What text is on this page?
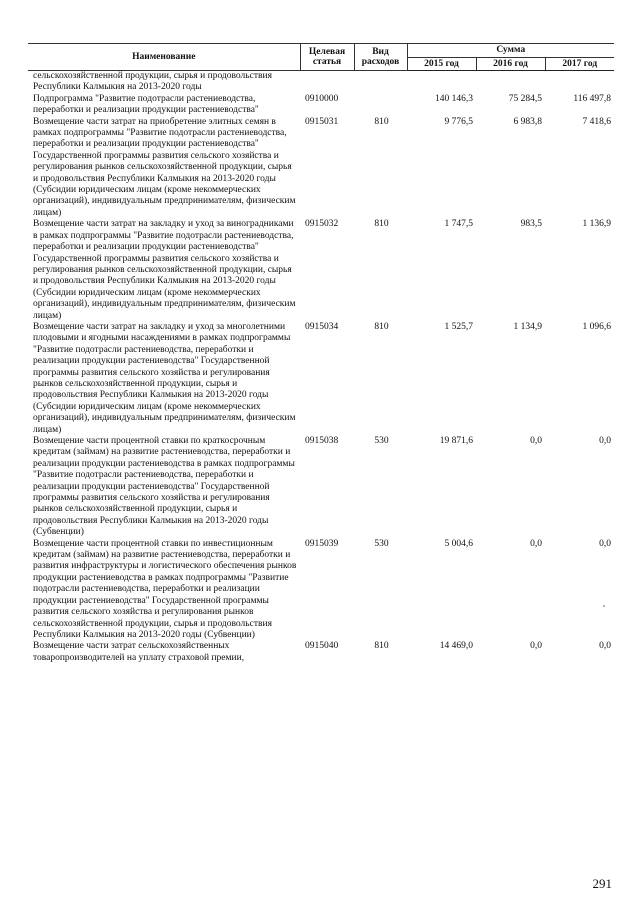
Наименование	Целевая статья	Вид расходов	Сумма		
			2015 год	2016 год	2017 год
сельскохозяйственной продукции, сырья и продовольствия Республики Калмыкия на 2013-2020 годы					
Подпрограмма "Развитие подотрасли растениеводства, переработки и реализации продукции растениеводства"	0910000		140 146,3	75 284,5	116 497,8
Возмещение части затрат на приобретение элитных семян в рамках подпрограммы "Развитие подотрасли растениеводства, переработки и реализации продукции растениеводства" Государственной программы развития сельского хозяйства и регулирования рынков сельскохозяйственной продукции, сырья и продовольствия Республики Калмыкия на 2013-2020 годы (Субсидии юридическим лицам (кроме некоммерческих организаций), индивидуальным предпринимателям, физическим лицам)	0915031	810	9 776,5	6 983,8	7 418,6
Возмещение части затрат на закладку и уход за виноградниками в рамках подпрограммы "Развитие подотрасли растениеводства, переработки и реализации продукции растениеводства" Государственной программы развития сельского хозяйства и регулирования рынков сельскохозяйственной продукции, сырья и продовольствия Республики Калмыкия на 2013-2020 годы (Субсидии юридическим лицам (кроме некоммерческих организаций), индивидуальным предпринимателям, физическим лицам)	0915032	810	1 747,5	983,5	1 136,9
Возмещение части затрат на закладку и уход за многолетними плодовыми и ягодными насаждениями в рамках подпрограммы "Развитие подотрасли растениеводства, переработки и реализации продукции растениеводства" Государственной программы развития сельского хозяйства и регулирования рынков сельскохозяйственной продукции, сырья и продовольствия Республики Калмыкия на 2013-2020 годы (Субсидии юридическим лицам (кроме некоммерческих организаций), индивидуальным предпринимателям, физическим лицам)	0915034	810	1 525,7	1 134,9	1 096,6
Возмещение части процентной ставки по краткосрочным кредитам (займам) на развитие растениеводства, переработки и реализации продукции растениеводства в рамках подпрограммы "Развитие подотрасли растениеводства, переработки и реализации продукции растениеводства" Государственной программы развития сельского хозяйства и регулирования рынков сельскохозяйственной продукции, сырья и продовольствия Республики Калмыкия на 2013-2020 годы (Субвенции)	0915038	530	19 871,6	0,0	0,0
Возмещение части процентной ставки по инвестиционным кредитам (займам) на развитие растениеводства, переработки и развития инфраструктуры и логистического обеспечения рынков продукции растениеводства в рамках подпрограммы "Развитие подотрасли растениеводства, переработки и реализации продукции растениеводства" Государственной программы развития сельского хозяйства и регулирования рынков сельскохозяйственной продукции, сырья и продовольствия Республики Калмыкия на 2013-2020 годы (Субвенции)	0915039	530	5 004,6	0,0	0,0
Возмещение части затрат сельскохозяйственных товаропроизводителей на уплату страховой премии,	0915040	810	14 469,0	0,0	0,0
291
